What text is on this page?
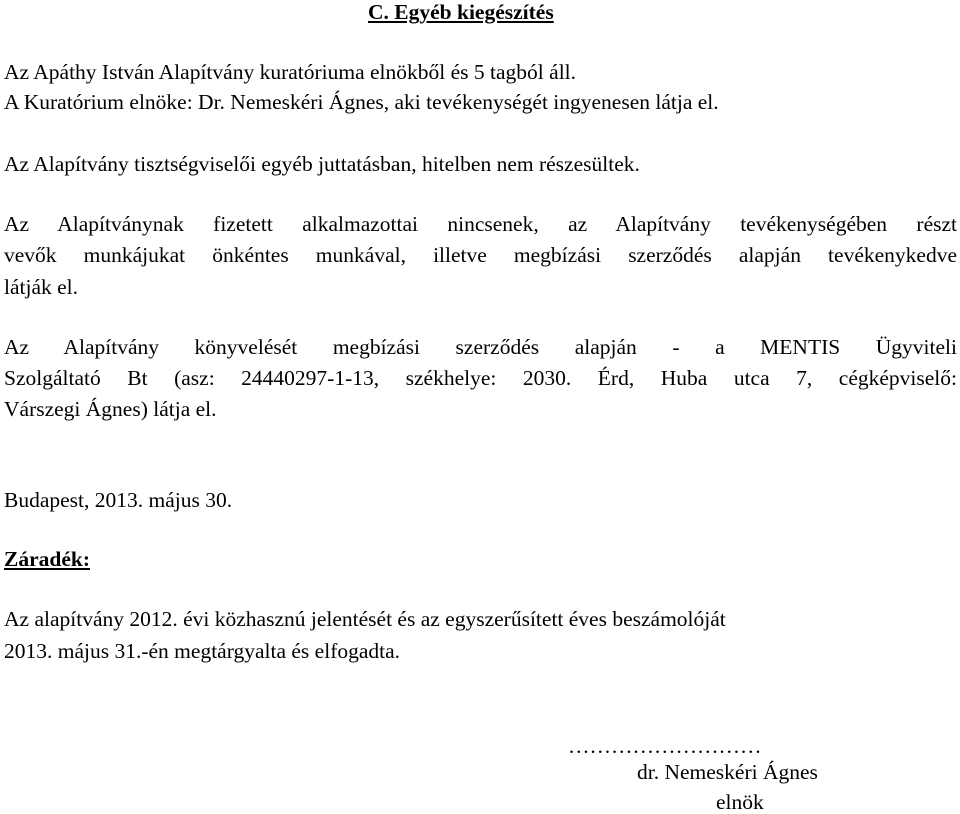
C. Egyéb kiegészítés
Az Apáthy István Alapítvány kuratóriuma elnökből és 5 tagból áll.
A Kuratórium elnöke: Dr. Nemeskéri Ágnes, aki tevékenységét ingyenesen látja el.
Az Alapítvány tisztségviselői egyéb juttatásban, hitelben nem részesültek.
Az Alapítványnak fizetett alkalmazottai nincsenek, az Alapítvány tevékenységében részt
vevők munkájukat önkéntes munkával, illetve megbízási szerződés alapján tevékenykedve
látják el.
Az Alapítvány könyvelését megbízási szerződés alapján - a MENTIS Ügyviteli
Szolgáltató Bt (asz: 24440297-1-13, székhelye: 2030. Érd, Huba utca 7, cégképviselő:
Várszegi Ágnes) látja el.
Budapest, 2013. május 30.
Záradék:
Az alapítvány 2012. évi közhasznú jelentését és az egyszerűsített éves beszámolóját
2013. május 31.-én megtárgyalta és elfogadta.
………………………
dr. Nemeskéri Ágnes
elnök
